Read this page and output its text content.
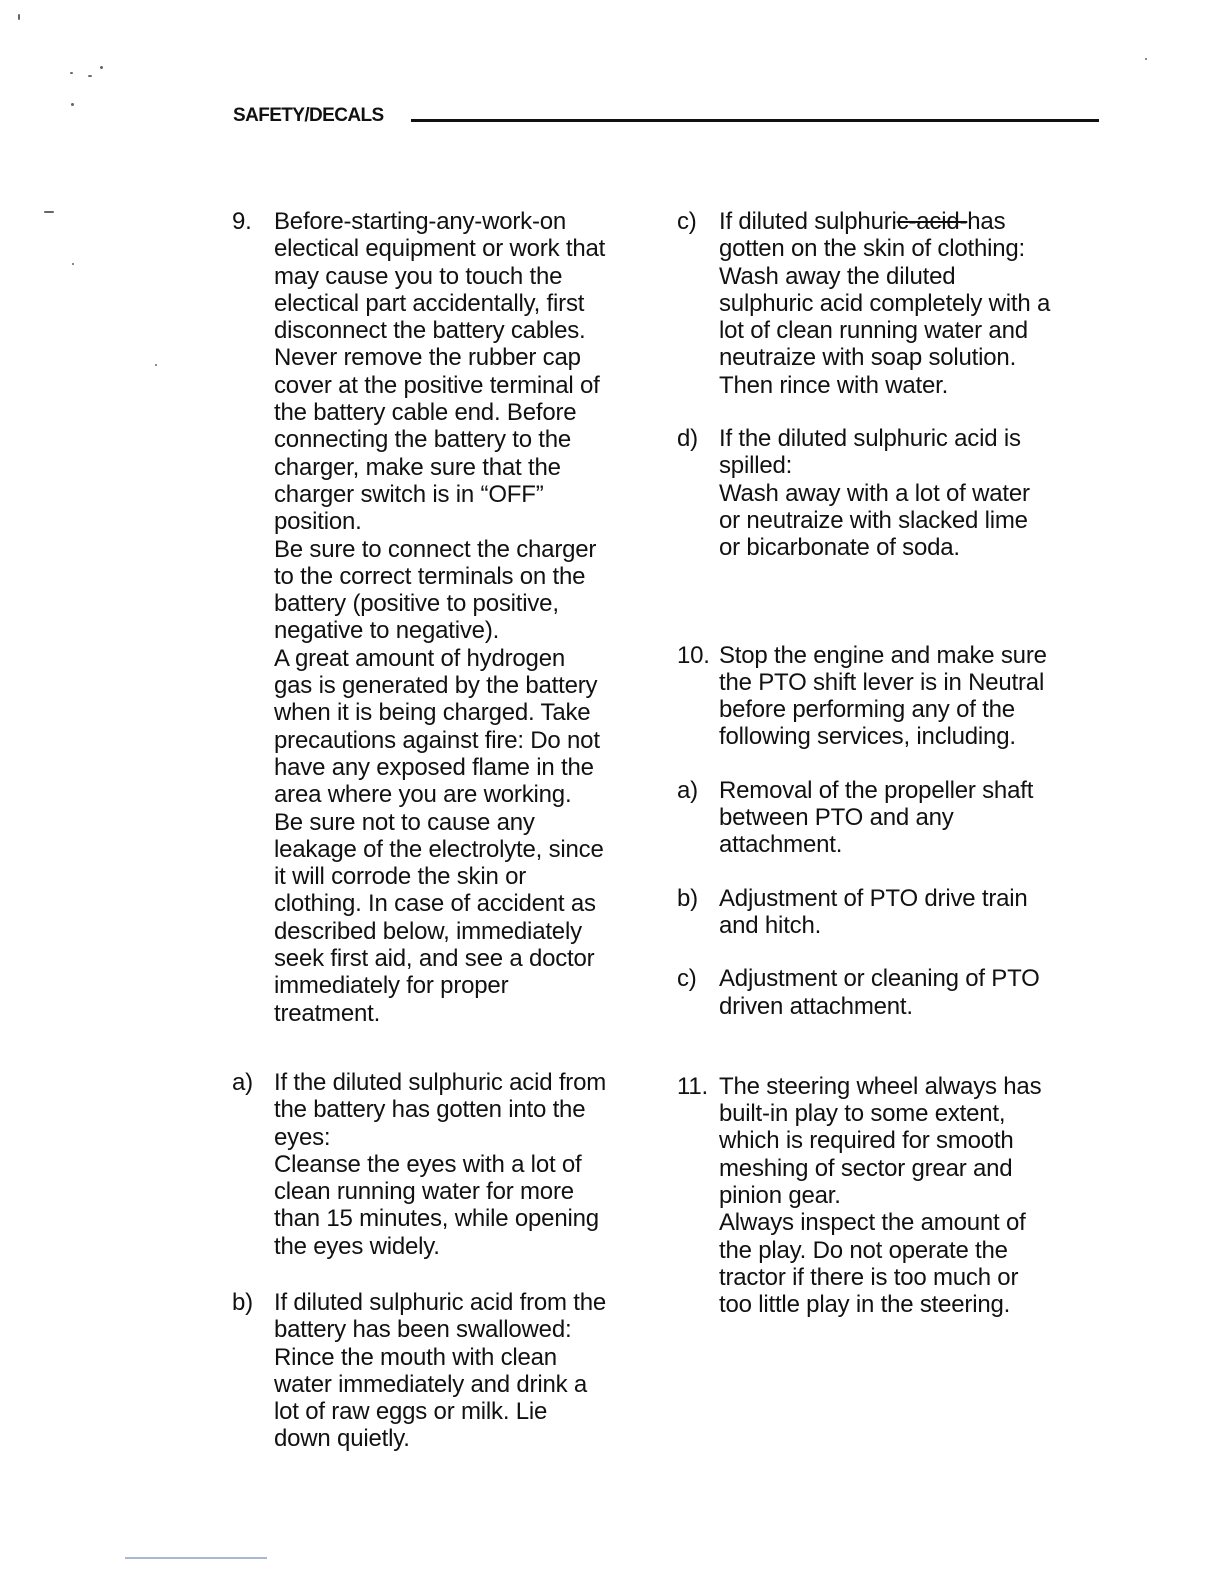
SAFETY/DECALS
9. Before-starting-any-work-on
electical equipment or work that
may cause you to touch the
electical part accidentally, first
disconnect the battery cables.
Never remove the rubber cap
cover at the positive terminal of
the battery cable end. Before
connecting the battery to the
charger, make sure that the
charger switch is in “OFF”
position.
Be sure to connect the charger
to the correct terminals on the
battery (positive to positive,
negative to negative).
A great amount of hydrogen
gas is generated by the battery
when it is being charged. Take
precautions against fire: Do not
have any exposed flame in the
area where you are working.
Be sure not to cause any
leakage of the electrolyte, since
it will corrode the skin or
clothing. In case of accident as
described below, immediately
seek first aid, and see a doctor
immediately for proper
treatment.
a) If the diluted sulphuric acid from
the battery has gotten into the
eyes:
Cleanse the eyes with a lot of
clean running water for more
than 15 minutes, while opening
the eyes widely.
b) If diluted sulphuric acid from the
battery has been swallowed:
Rince the mouth with clean
water immediately and drink a
lot of raw eggs or milk. Lie
down quietly.
c) If diluted sulphuric-acid-has
gotten on the skin of clothing:
Wash away the diluted
sulphuric acid completely with a
lot of clean running water and
neutraize with soap solution.
Then rince with water.
d) If the diluted sulphuric acid is
spilled:
Wash away with a lot of water
or neutraize with slacked lime
or bicarbonate of soda.
10. Stop the engine and make sure
the PTO shift lever is in Neutral
before performing any of the
following services, including.
a) Removal of the propeller shaft
between PTO and any
attachment.
b) Adjustment of PTO drive train
and hitch.
c) Adjustment or cleaning of PTO
driven attachment.
11. The steering wheel always has
built-in play to some extent,
which is required for smooth
meshing of sector grear and
pinion gear.
Always inspect the amount of
the play. Do not operate the
tractor if there is too much or
too little play in the steering.
